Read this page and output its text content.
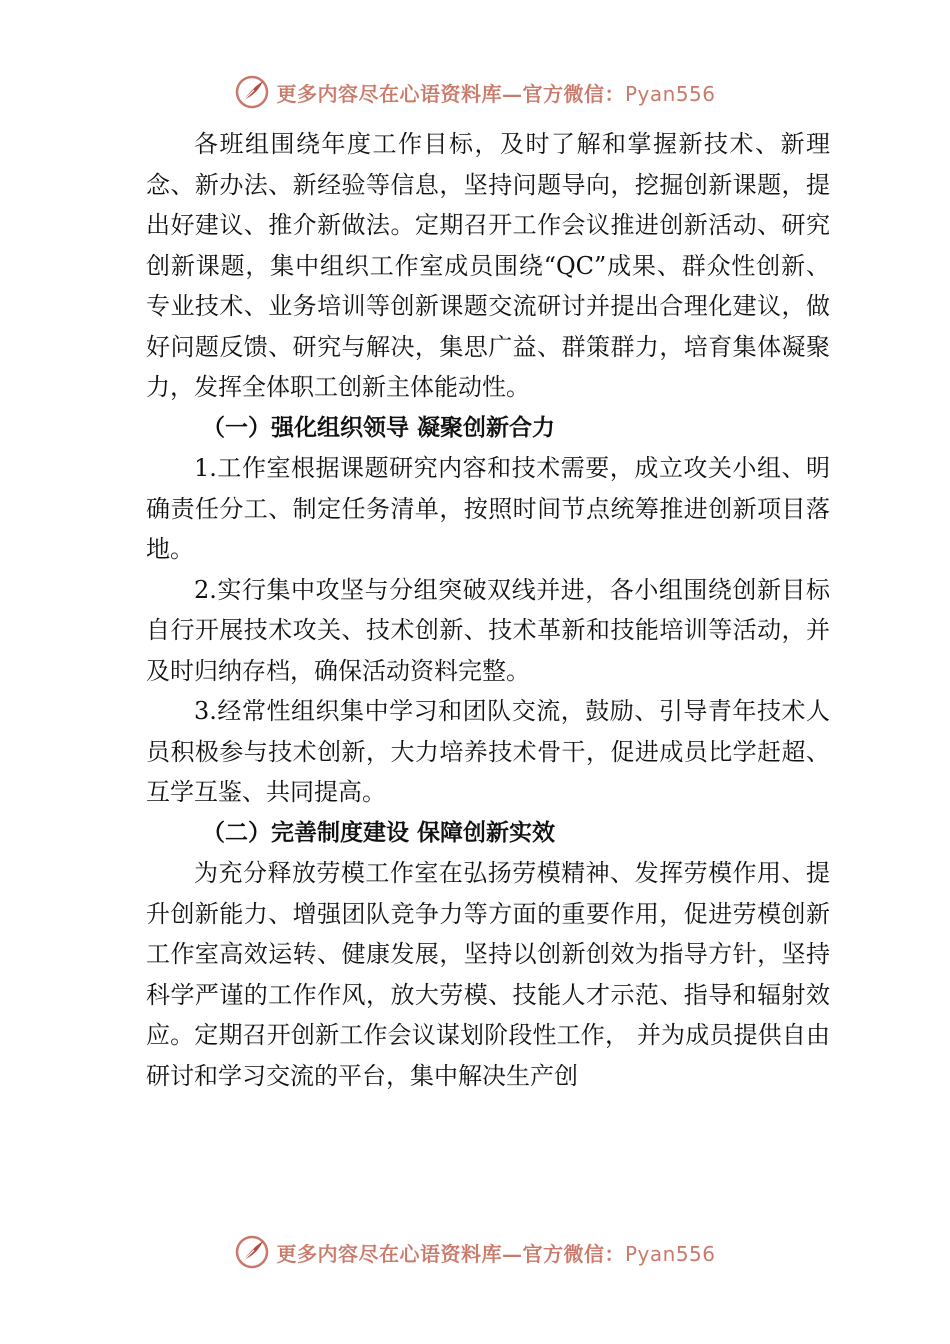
更多内容尽在心语资料库—官方微信：Pyan556

各班组围绕年度工作目标，及时了解和掌握新技术、新理念、新办法、新经验等信息，坚持问题导向，挖掘创新课题，提出好建议、推介新做法。定期召开工作会议推进创新活动、研究创新课题，集中组织工作室成员围绕“QC”成果、群众性创新、专业技术、业务培训等创新课题交流研讨并提出合理化建议，做好问题反馈、研究与解决，集思广益、群策群力，培育集体凝聚力，发挥全体职工创新主体能动性。

（一）强化组织领导 凝聚创新合力

1.工作室根据课题研究内容和技术需要，成立攻关小组、明确责任分工、制定任务清单，按照时间节点统筹推进创新项目落地。

2.实行集中攻坚与分组突破双线并进，各小组围绕创新目标自行开展技术攻关、技术创新、技术革新和技能培训等活动，并及时归纳存档，确保活动资料完整。

3.经常性组织集中学习和团队交流，鼓励、引导青年技术人员积极参与技术创新，大力培养技术骨干，促进成员比学赶超、互学互鉴、共同提高。

（二）完善制度建设 保障创新实效

为充分释放劳模工作室在弘扬劳模精神、发挥劳模作用、提升创新能力、增强团队竞争力等方面的重要作用，促进劳模创新工作室高效运转、健康发展，坚持以创新创效为指导方针，坚持科学严谨的工作作风，放大劳模、技能人才示范、指导和辐射效应。定期召开创新工作会议谋划阶段性工作， 并为成员提供自由研讨和学习交流的平台，集中解决生产创

更多内容尽在心语资料库—官方微信：Pyan556
